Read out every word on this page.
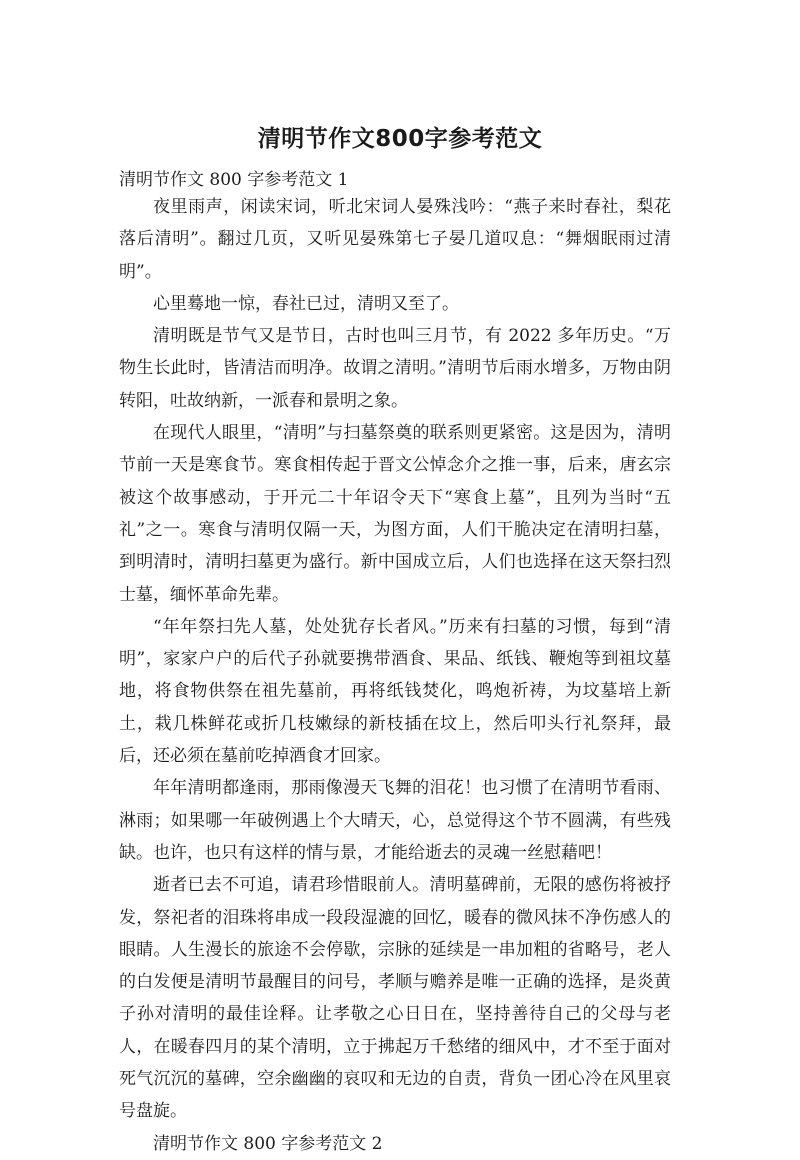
清明节作文800字参考范文
清明节作文 800 字参考范文 1

夜里雨声，闲读宋词，听北宋词人晏殊浅吟：“燕子来时春社，梨花落后清明”。翻过几页，又听见晏殊第七子晏几道叹息：“舞烟眠雨过清明”。

心里蓦地一惊，春社已过，清明又至了。

清明既是节气又是节日，古时也叫三月节，有 2022 多年历史。“万物生长此时，皆清洁而明净。故谓之清明。”清明节后雨水增多，万物由阴转阳，吐故纳新，一派春和景明之象。

在现代人眼里，“清明”与扫墓祭奠的联系则更紧密。这是因为，清明节前一天是寒食节。寒食相传起于晋文公悼念介之推一事，后来，唐玄宗被这个故事感动，于开元二十年诏令天下“寒食上墓”，且列为当时“五礼”之一。寒食与清明仅隔一天，为图方面，人们干脆决定在清明扫墓，到明清时，清明扫墓更为盛行。新中国成立后，人们也选择在这天祭扫烈士墓，缅怀革命先辈。

“年年祭扫先人墓，处处犹存长者风。”历来有扫墓的习惯，每到“清明”，家家户户的后代子孙就要携带酒食、果品、纸钱、鞭炮等到祖坟墓地，将食物供祭在祖先墓前，再将纸钱焚化，鸣炮祈祷，为坟墓培上新土，栽几株鲜花或折几枝嫩绿的新枝插在坟上，然后叩头行礼祭拜，最后，还必须在墓前吃掉酒食才回家。

年年清明都逢雨，那雨像漫天飞舞的泪花！也习惯了在清明节看雨、淋雨；如果哪一年破例遇上个大晴天，心，总觉得这个节不圆满，有些残缺。也许，也只有这样的情与景，才能给逝去的灵魂一丝慰藉吧！

逝者已去不可追，请君珍惜眼前人。清明墓碑前，无限的感伤将被抒发，祭祀者的泪珠将串成一段段湿漉的回忆，暖春的微风抹不净伤感人的眼睛。人生漫长的旅途不会停歇，宗脉的延续是一串加粗的省略号，老人的白发便是清明节最醒目的问号，孝顺与赡养是唯一正确的选择，是炎黄子孙对清明的最佳诠释。让孝敬之心日日在，坚持善待自己的父母与老人，在暖春四月的某个清明，立于拂起万千愁绪的细风中，才不至于面对死气沉沉的墓碑，空余幽幽的哀叹和无边的自责，背负一团心冷在风里哀号盘旋。

清明节作文 800 字参考范文 2
